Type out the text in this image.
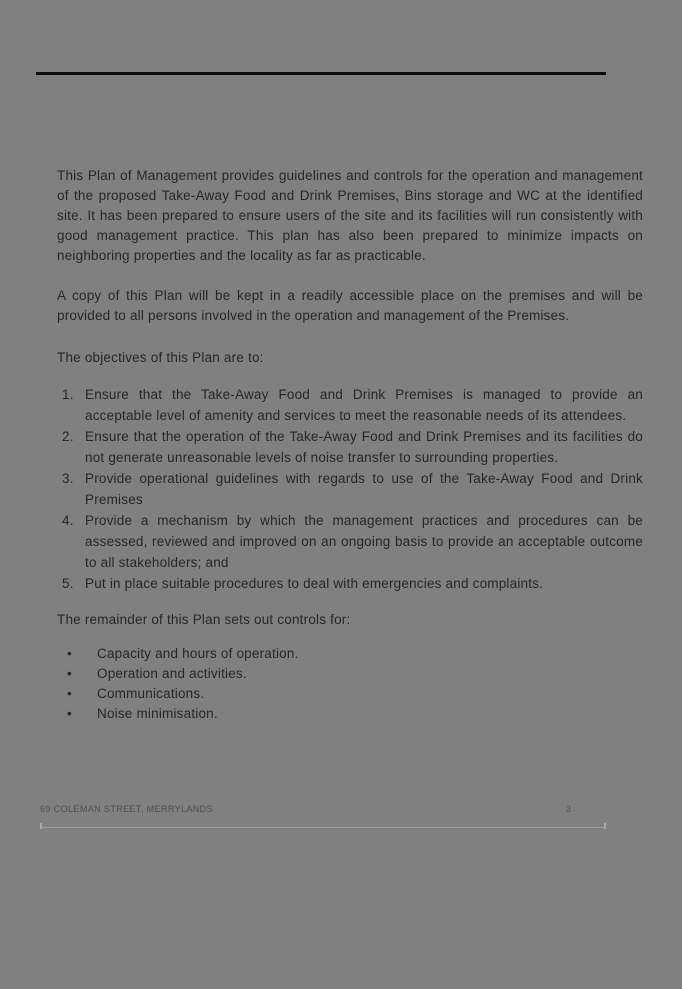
This Plan of Management provides guidelines and controls for the operation and management of the proposed Take-Away Food and Drink Premises, Bins storage and WC at the identified site. It has been prepared to ensure users of the site and its facilities will run consistently with good management practice. This plan has also been prepared to minimize impacts on neighboring properties and the locality as far as practicable.
A copy of this Plan will be kept in a readily accessible place on the premises and will be provided to all persons involved in the operation and management of the Premises.
The objectives of this Plan are to:
1. Ensure that the Take-Away Food and Drink Premises is managed to provide an acceptable level of amenity and services to meet the reasonable needs of its attendees.
2. Ensure that the operation of the Take-Away Food and Drink Premises and its facilities do not generate unreasonable levels of noise transfer to surrounding properties.
3. Provide operational guidelines with regards to use of the Take-Away Food and Drink Premises
4. Provide a mechanism by which the management practices and procedures can be assessed, reviewed and improved on an ongoing basis to provide an acceptable outcome to all stakeholders; and
5. Put in place suitable procedures to deal with emergencies and complaints.
The remainder of this Plan sets out controls for:
•	Capacity and hours of operation.
•	Operation and activities.
•	Communications.
•	Noise minimisation.
69 COLEMAN STREET, MERRYLANDS	3
